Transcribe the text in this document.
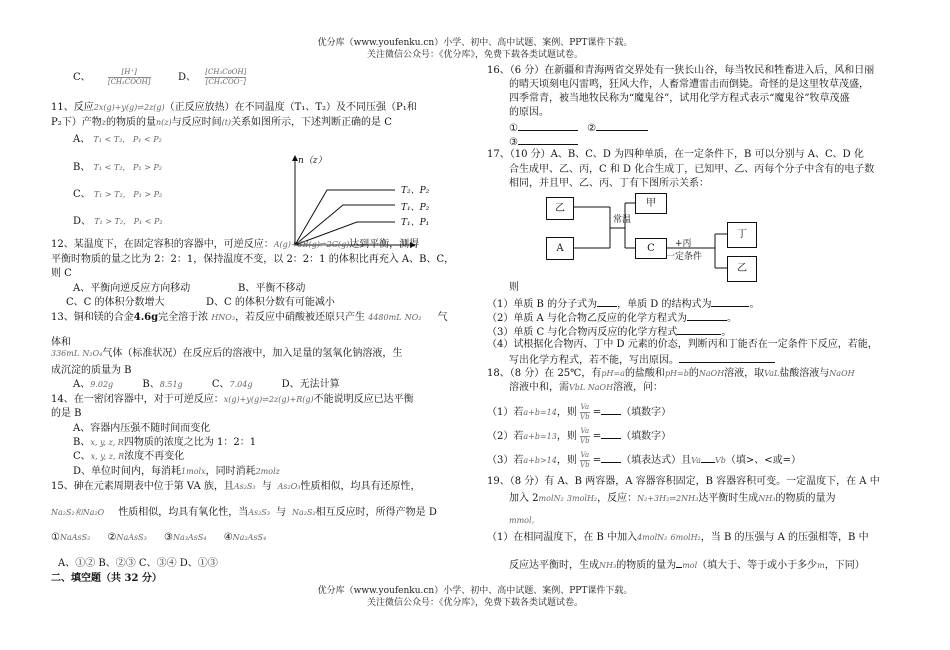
优分库（www.youfenku.cn）小学、初中、高中试题、案例、PPT课件下载。
关注微信公众号：《优分库》，免费下载各类试题试卷。
C、 $\frac{[H^+]}{\text{[CH₃COOH]}}$	D、 $\frac{\text{[CH₃CoOH]}}{\text{[CH₃COO⁻]}}$
11、反应2x(g)+y(g)⇌2z(g)（正反应放热）在不同温度（T₁、T₂）及不同压强（P₁和
P₂下）产物z的物质的量n(z)与反应时间(t)关系如图所示，下述判断正确的是 C
A、 T₁ < T₂， P₁ < P₂
B、 T₁ < T₂， P₁ > P₂
C、 T₁ > T₂， P₁ > P₂
D、 T₁ > T₂， P₁ < P₂
n（z）
T₂、P₂
T₁、P₂
T₁、P₁
12、某温度下，在固定容积的容器中，可逆反应：A(g)+3B(g)⇌2C(g)达到平衡，测得
平衡时物质的量之比为 2：2：1，保持温度不变，以 2：2：1 的体积比再充入 A、B、C，
则 C
A、平衡向逆反应方向移动	B、平衡不移动
C、C 的体积分数增大	D、C 的体积分数有可能减小
13、铜和镁的合金4.6g完全溶于浓 HNO₃，若反应中硝酸被还原只产生 4480mL NO₂ 气
体和
336mL N₂O₄气体（标准状况）在反应后的溶液中，加入足量的氢氧化钠溶液，生
成沉淀的质量为 B
A、9.02g	B、8.51g	C、7.04g	D、无法计算
14、在一密闭容器中，对于可逆反应：x(g)+y(g)⇌2z(g)+R(g)不能说明反应已达平衡
的是 B
A、容器内压强不随时间而变化
B、x, y, z, R四物质的浓度之比为 1：2：1
C、x, y, z, R浓度不再变化
D、单位时间内，每消耗1molx，同时消耗2molz
15、砷在元素周期表中位于第 VA 族，且As₂S₃ 与 As₂O₃性质相似，均具有还原性，
Na₂S₂和Na₂O 性质相似，均具有氧化性，当As₂S₃ 与 Na₂S₂相互反应时，所得产物是 D
①NaAsS₂ ②NaAsS₃ ③Na₃AsS₄ ④Na₂AsS₄
A、①② B、②③ C、③④ D、①③
二、填空题（共 32 分）
16、（6 分）在新疆和青海两省交界处有一狭长山谷，每当牧民和牲畜进入后，风和日丽
的晴天顷刻电闪雷鸣，狂风大作，人畜常遭雷击而倒毙。奇怪的是这里牧草茂盛，
四季常青，被当地牧民称为“魔鬼谷”，试用化学方程式表示“魔鬼谷”牧草茂盛
的原因。
①	②
③
17、（10 分）A、B、C、D 为四种单质，在一定条件下，B 可以分别与 A、C、D 化
合生成甲、乙、丙，C 和 D 化合生成丁，已知甲、乙、丙每个分子中含有的电子数
相同，并且甲、乙、丙、丁有下图所示关系：
乙
A
常温
甲
C	+丙
一定条件
丁
乙
则
（1）单质 B 的分子式为 ，单质 D 的结构式为	。
（2）单质 A 与化合物乙反应的化学方程式为	。
（3）单质 C 与化合物丙反应的化学方程式	。
（4）试根据化合物丙、丁中 D 元素的价态，判断丙和丁能否在一定条件下反应，若能，
写出化学方程式，若不能，写出原因。
18、（8 分）在 25℃，有pH=a的盐酸和pH=b的NaOH溶液，取VaL盐酸溶液与NaOH
溶液中和，需VbL NaOH溶液，问：
（1）若a+b=14，则 $\frac{Va}{Vb}$ = （填数字）
（2）若a+b=13，则 $\frac{Va}{Vb}$ = （填数字）
（3）若a+b>14，则 $\frac{Va}{Vb}$ = （填表达式）且Va Vb（填>、<或=）
19、（8 分）有 A、B 两容器，A 容器容积固定，B 容器容积可变。一定温度下，在 A 中
加入 2molN₂ 3molH₂，反应：N₂+3H₂⇌2NH₃达平衡时生成NH₃的物质的量为
mmol。
（1）在相同温度下，在 B 中加入4molN₂ 6molH₂，当 B 的压强与 A 的压强相等，B 中
反应达平衡时，生成NH₃的物质的量为 mol（填大于、等于或小于多少m，下同）
优分库（www.youfenku.cn）小学、初中、高中试题、案例、PPT课件下载。
关注微信公众号：《优分库》，免费下载各类试题试卷。
